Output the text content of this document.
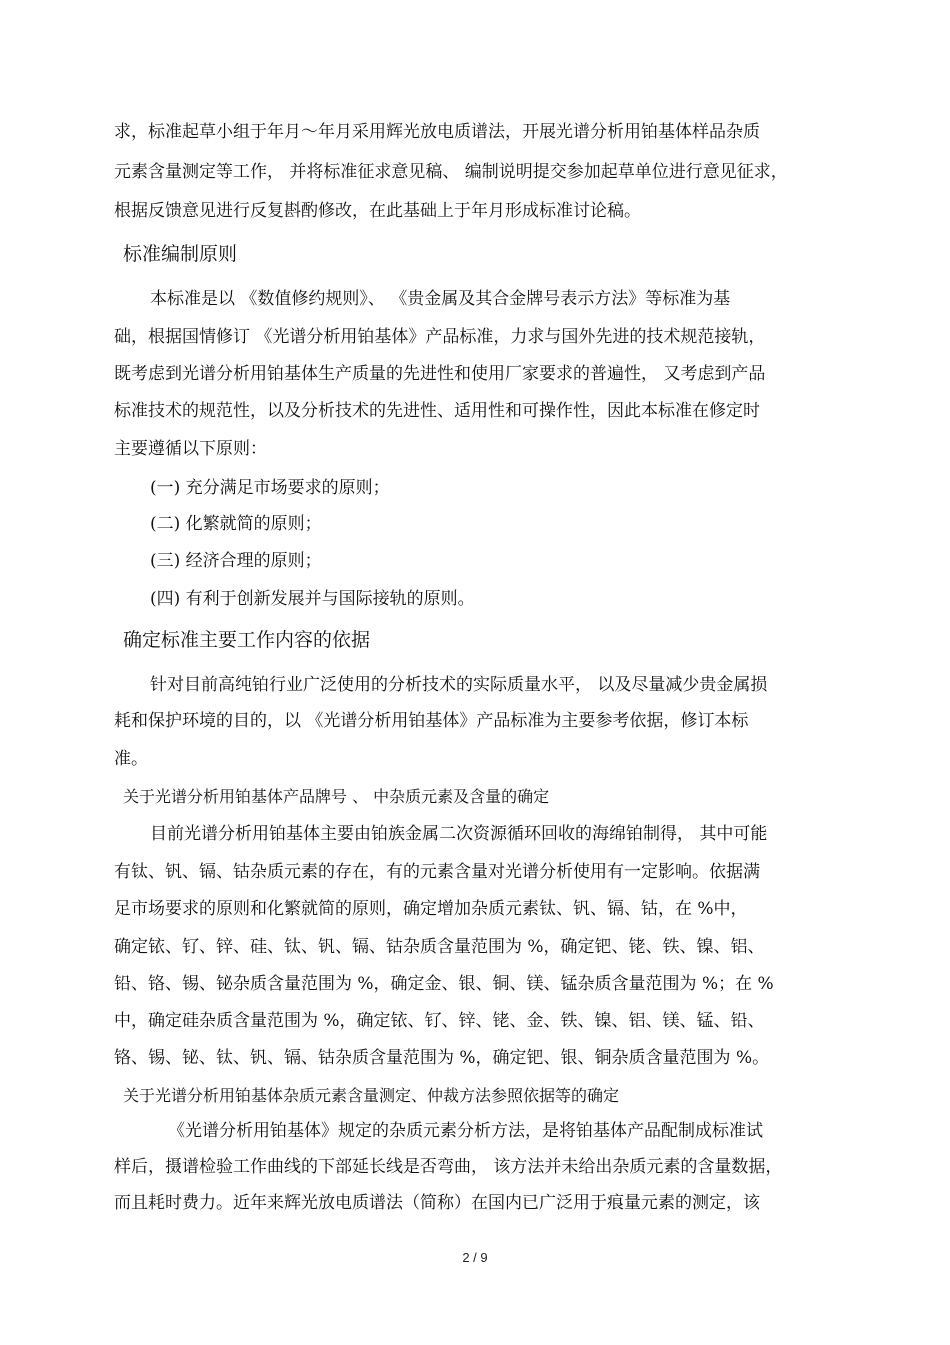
求，标准起草小组于年月～年月采用辉光放电质谱法，开展光谱分析用铂基体样品杂质
元素含量测定等工作， 并将标准征求意见稿、 编制说明提交参加起草单位进行意见征求，
根据反馈意见进行反复斟酌修改，在此基础上于年月形成标准讨论稿。
标准编制原则
本标准是以 《数值修约规则》、 《贵金属及其合金牌号表示方法》等标准为基
础，根据国情修订 《光谱分析用铂基体》产品标准，力求与国外先进的技术规范接轨，
既考虑到光谱分析用铂基体生产质量的先进性和使用厂家要求的普遍性， 又考虑到产品
标准技术的规范性，以及分析技术的先进性、适用性和可操作性，因此本标准在修定时
主要遵循以下原则：
(一) 充分满足市场要求的原则；
(二) 化繁就简的原则；
(三) 经济合理的原则；
(四) 有利于创新发展并与国际接轨的原则。
确定标准主要工作内容的依据
针对目前高纯铂行业广泛使用的分析技术的实际质量水平， 以及尽量减少贵金属损
耗和保护环境的目的，以 《光谱分析用铂基体》产品标准为主要参考依据，修订本标
准。
关于光谱分析用铂基体产品牌号 、 中杂质元素及含量的确定
目前光谱分析用铂基体主要由铂族金属二次资源循环回收的海绵铂制得， 其中可能
有钛、钒、镉、钴杂质元素的存在，有的元素含量对光谱分析使用有一定影响。依据满
足市场要求的原则和化繁就简的原则，确定增加杂质元素钛、钒、镉、钴，在 %中，
确定铱、钌、锌、硅、钛、钒、镉、钴杂质含量范围为 %，确定钯、铑、铁、镍、铝、
铅、铬、锡、铋杂质含量范围为 %，确定金、银、铜、镁、锰杂质含量范围为 %；在 %
中，确定硅杂质含量范围为 %，确定铱、钌、锌、铑、金、铁、镍、铝、镁、锰、铅、
铬、锡、铋、钛、钒、镉、钴杂质含量范围为 %，确定钯、银、铜杂质含量范围为 %。
关于光谱分析用铂基体杂质元素含量测定、仲裁方法参照依据等的确定
《光谱分析用铂基体》规定的杂质元素分析方法，是将铂基体产品配制成标准试
样后，摄谱检验工作曲线的下部延长线是否弯曲， 该方法并未给出杂质元素的含量数据，
而且耗时费力。近年来辉光放电质谱法（简称）在国内已广泛用于痕量元素的测定，该
2 / 9
